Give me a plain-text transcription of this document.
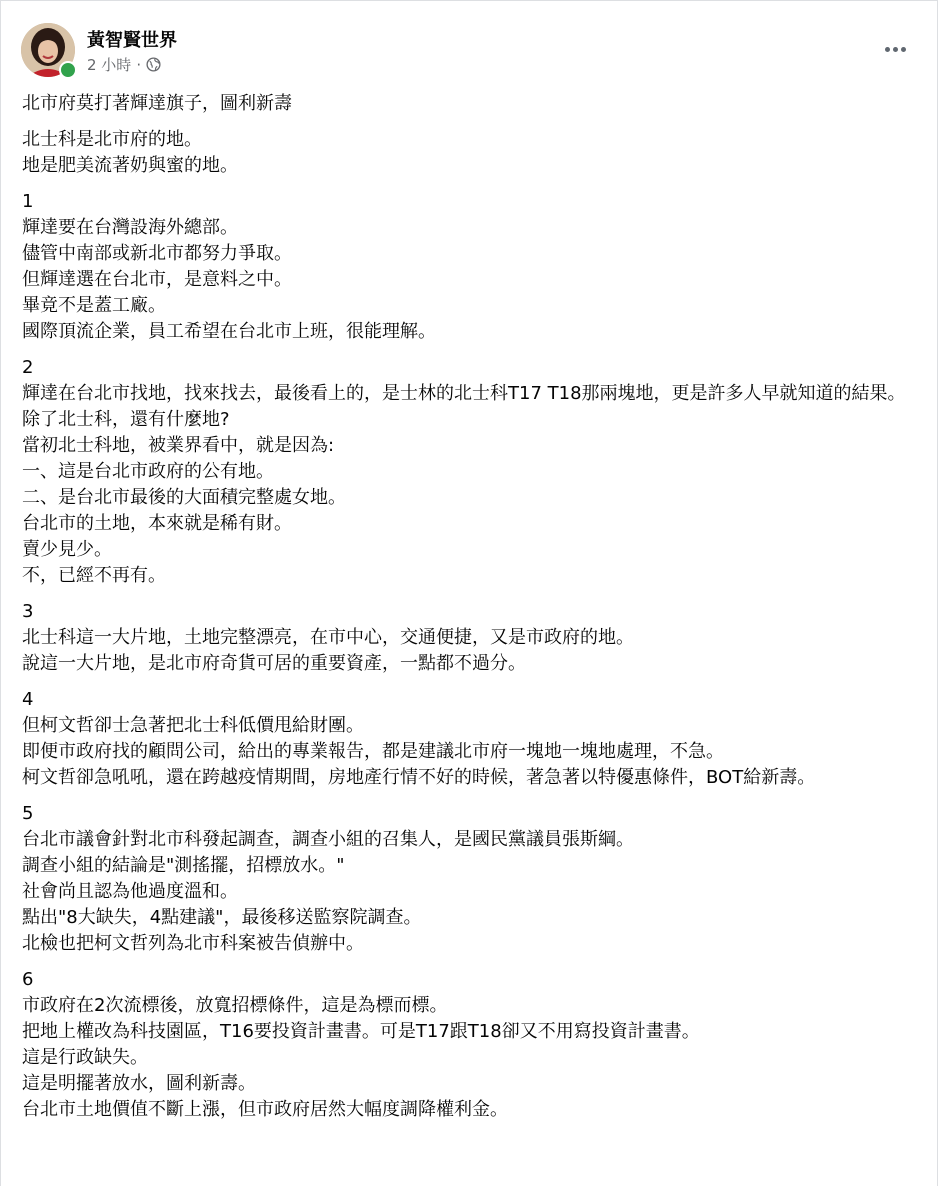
黃智賢世界
2 小時 ·
北市府莫打著輝達旗子，圖利新壽
北士科是北市府的地。
地是肥美流著奶與蜜的地。
1
輝達要在台灣設海外總部。
儘管中南部或新北市都努力爭取。
但輝達選在台北市，是意料之中。
畢竟不是蓋工廠。
國際頂流企業，員工希望在台北市上班，很能理解。
2
輝達在台北市找地，找來找去，最後看上的，是士林的北士科T17 T18那兩塊地，更是許多人早就知道的結果。
除了北士科，還有什麼地?
當初北士科地，被業界看中，就是因為:
一、這是台北市政府的公有地。
二、是台北市最後的大面積完整處女地。
台北市的土地，本來就是稀有財。
賣少見少。
不，已經不再有。
3
北士科這一大片地，土地完整漂亮，在市中心，交通便捷，又是市政府的地。
說這一大片地，是北市府奇貨可居的重要資產，一點都不過分。
4
但柯文哲卻士急著把北士科低價甩給財團。
即便市政府找的顧問公司，給出的專業報告，都是建議北市府一塊地一塊地處理，不急。
柯文哲卻急吼吼，還在跨越疫情期間，房地產行情不好的時候，著急著以特優惠條件，BOT給新壽。
5
台北市議會針對北市科發起調查，調查小組的召集人，是國民黨議員張斯綱。
調查小組的結論是"測搖擺，招標放水。"
社會尚且認為他過度溫和。
點出"8大缺失，4點建議"，最後移送監察院調查。
北檢也把柯文哲列為北市科案被告偵辦中。
6
市政府在2次流標後，放寬招標條件，這是為標而標。
把地上權改為科技園區，T16要投資計畫書。可是T17跟T18卻又不用寫投資計畫書。
這是行政缺失。
這是明擺著放水，圖利新壽。
台北市土地價值不斷上漲，但市政府居然大幅度調降權利金。
